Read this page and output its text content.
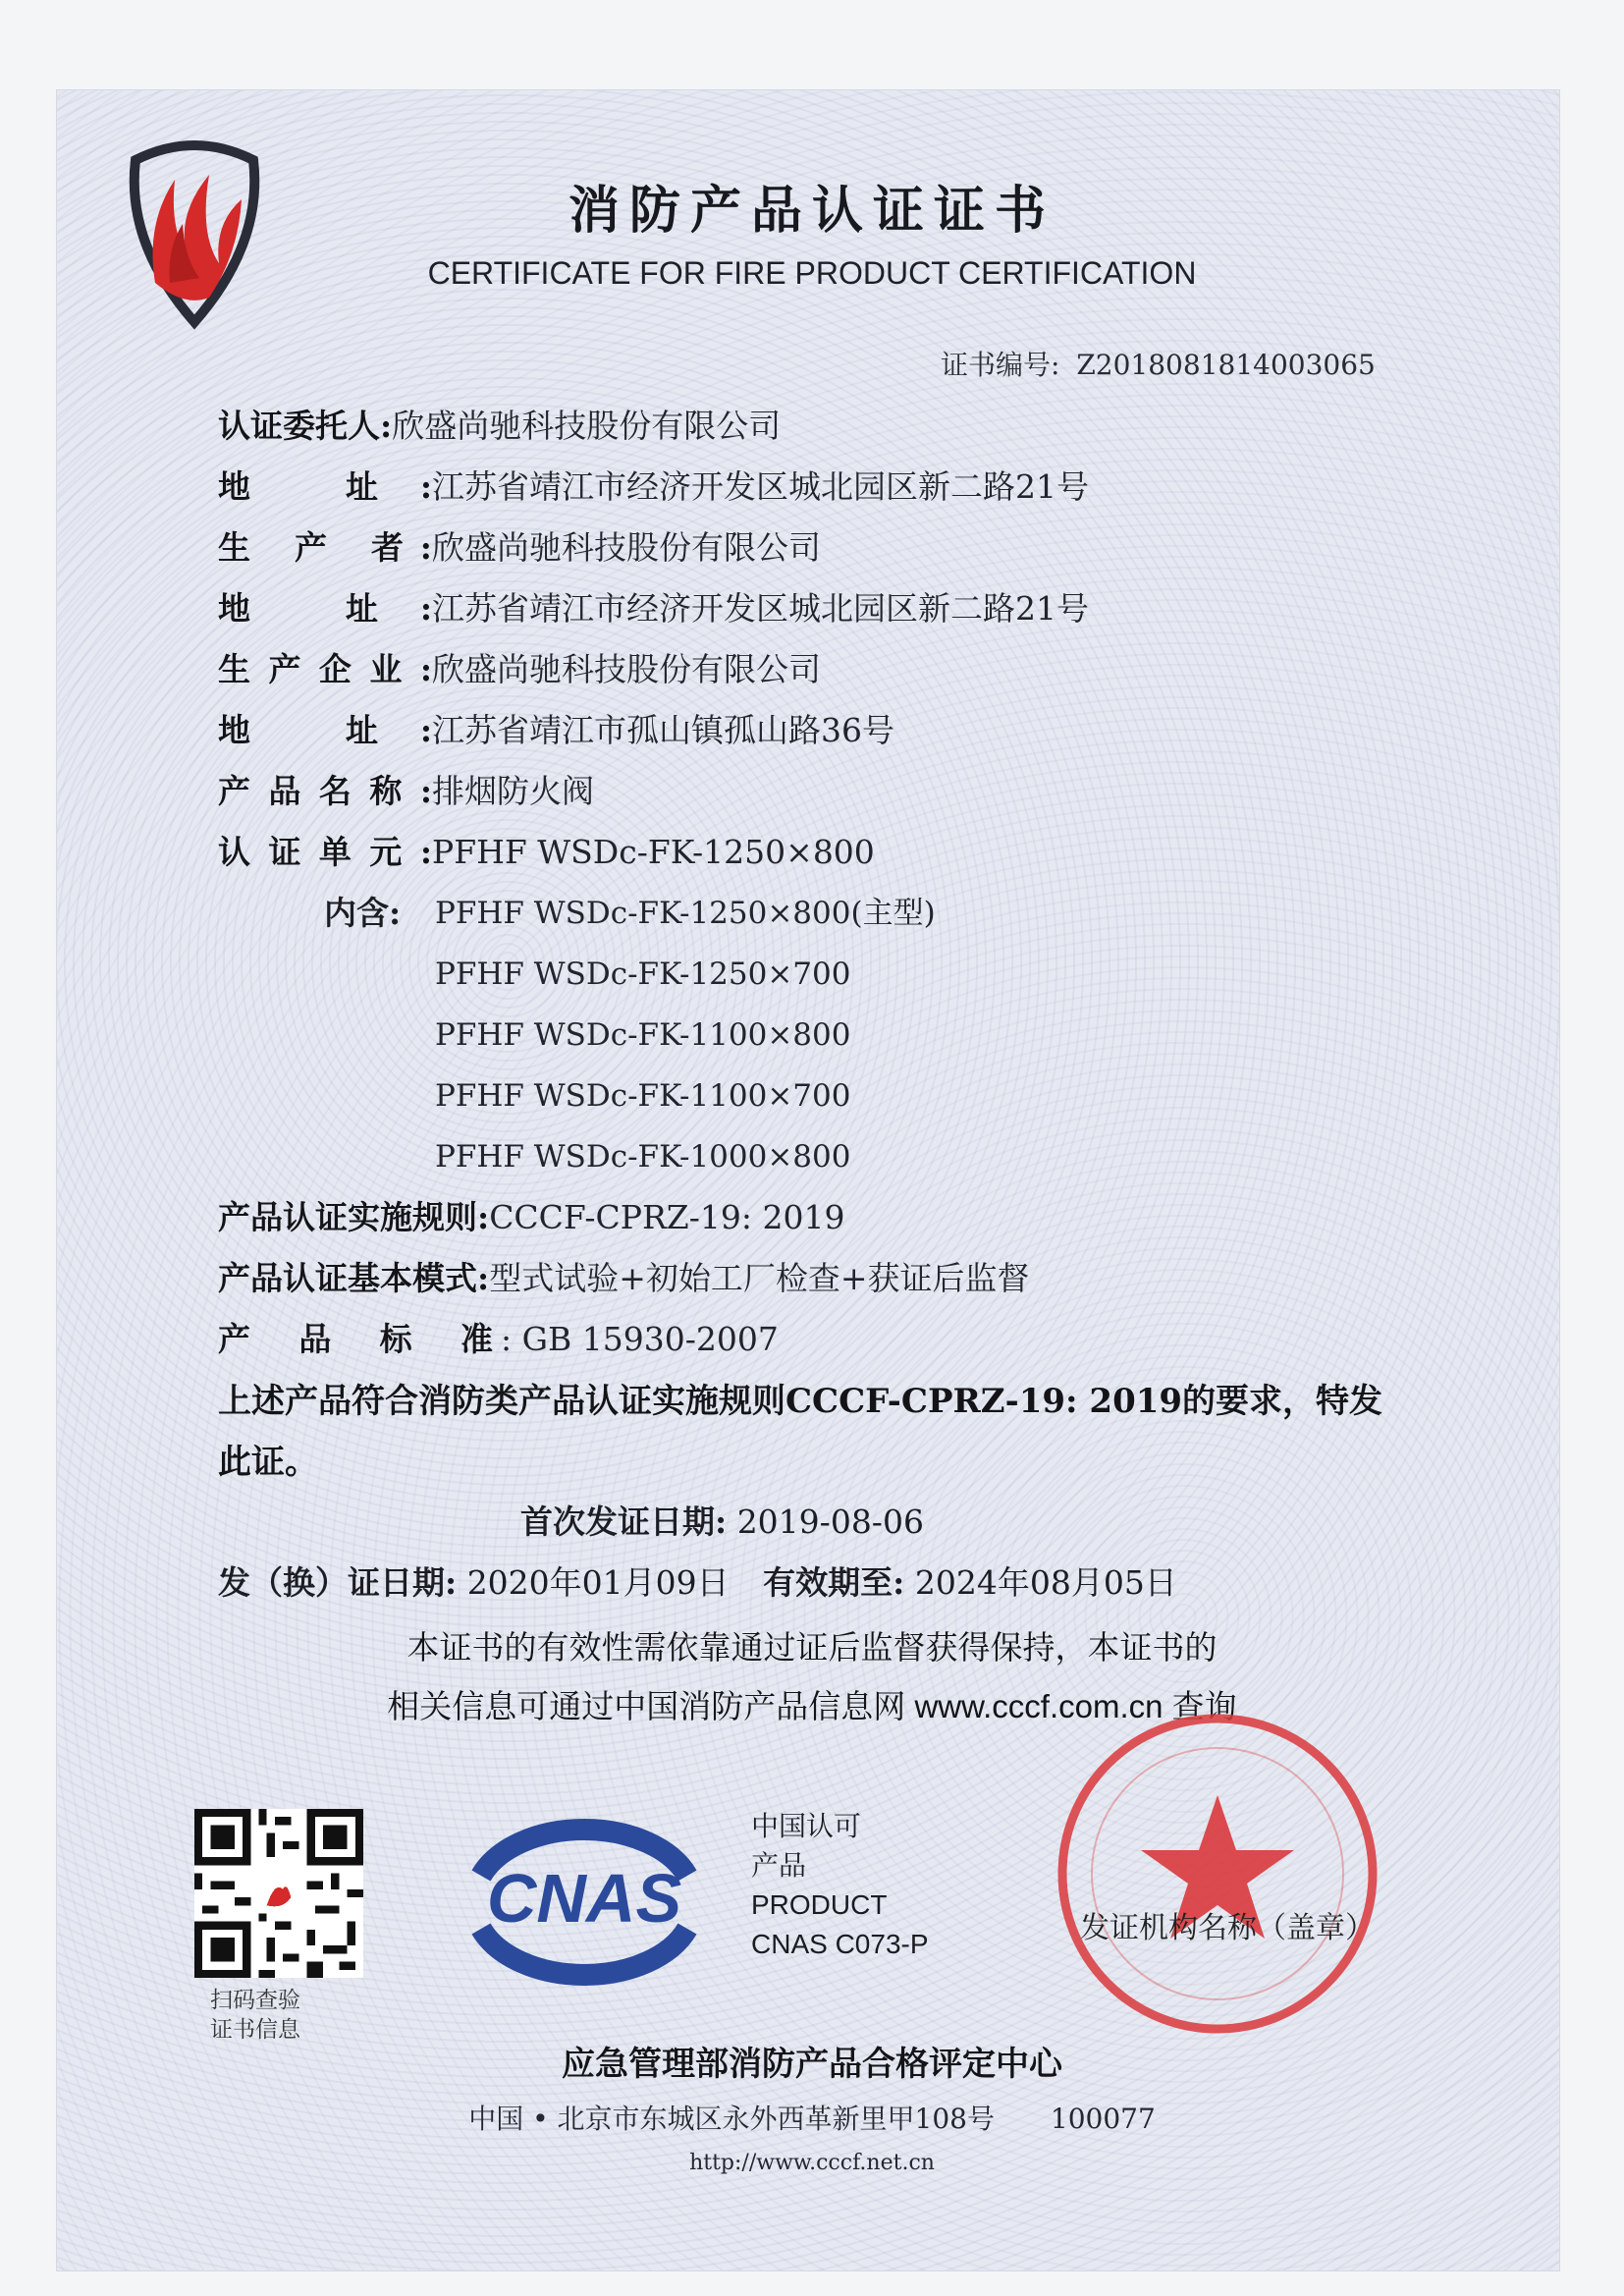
消防产品认证证书
CERTIFICATE FOR FIRE PRODUCT CERTIFICATION
证书编号: Z2018081814003065
认证委托人:欣盛尚驰科技股份有限公司
地 址:江苏省靖江市经济开发区城北园区新二路21号
生 产 者:欣盛尚驰科技股份有限公司
地 址:江苏省靖江市经济开发区城北园区新二路21号
生产企业:欣盛尚驰科技股份有限公司
地 址:江苏省靖江市孤山镇孤山路36号
产品名称:排烟防火阀
认证单元:PFHF WSDc-FK-1250×800
内含: PFHF WSDc-FK-1250×800(主型)
PFHF WSDc-FK-1250×700
PFHF WSDc-FK-1100×800
PFHF WSDc-FK-1100×700
PFHF WSDc-FK-1000×800
产品认证实施规则:CCCF-CPRZ-19: 2019
产品认证基本模式:型式试验+初始工厂检查+获证后监督
产 品 标 准 : GB 15930-2007
上述产品符合消防类产品认证实施规则CCCF-CPRZ-19: 2019的要求，特发
此证。
首次发证日期: 2019-08-06
发（换）证日期: 2020年01月09日 有效期至: 2024年08月05日
本证书的有效性需依靠通过证后监督获得保持，本证书的
相关信息可通过中国消防产品信息网 www.cccf.com.cn 查询
扫码查验
证书信息
CNAS
中国认可
产品
PRODUCT
CNAS C073-P	发证机构名称（盖章）
应急管理部消防产品合格评定中心
中国 • 北京市东城区永外西革新里甲108号 100077
http://www.cccf.net.cn
